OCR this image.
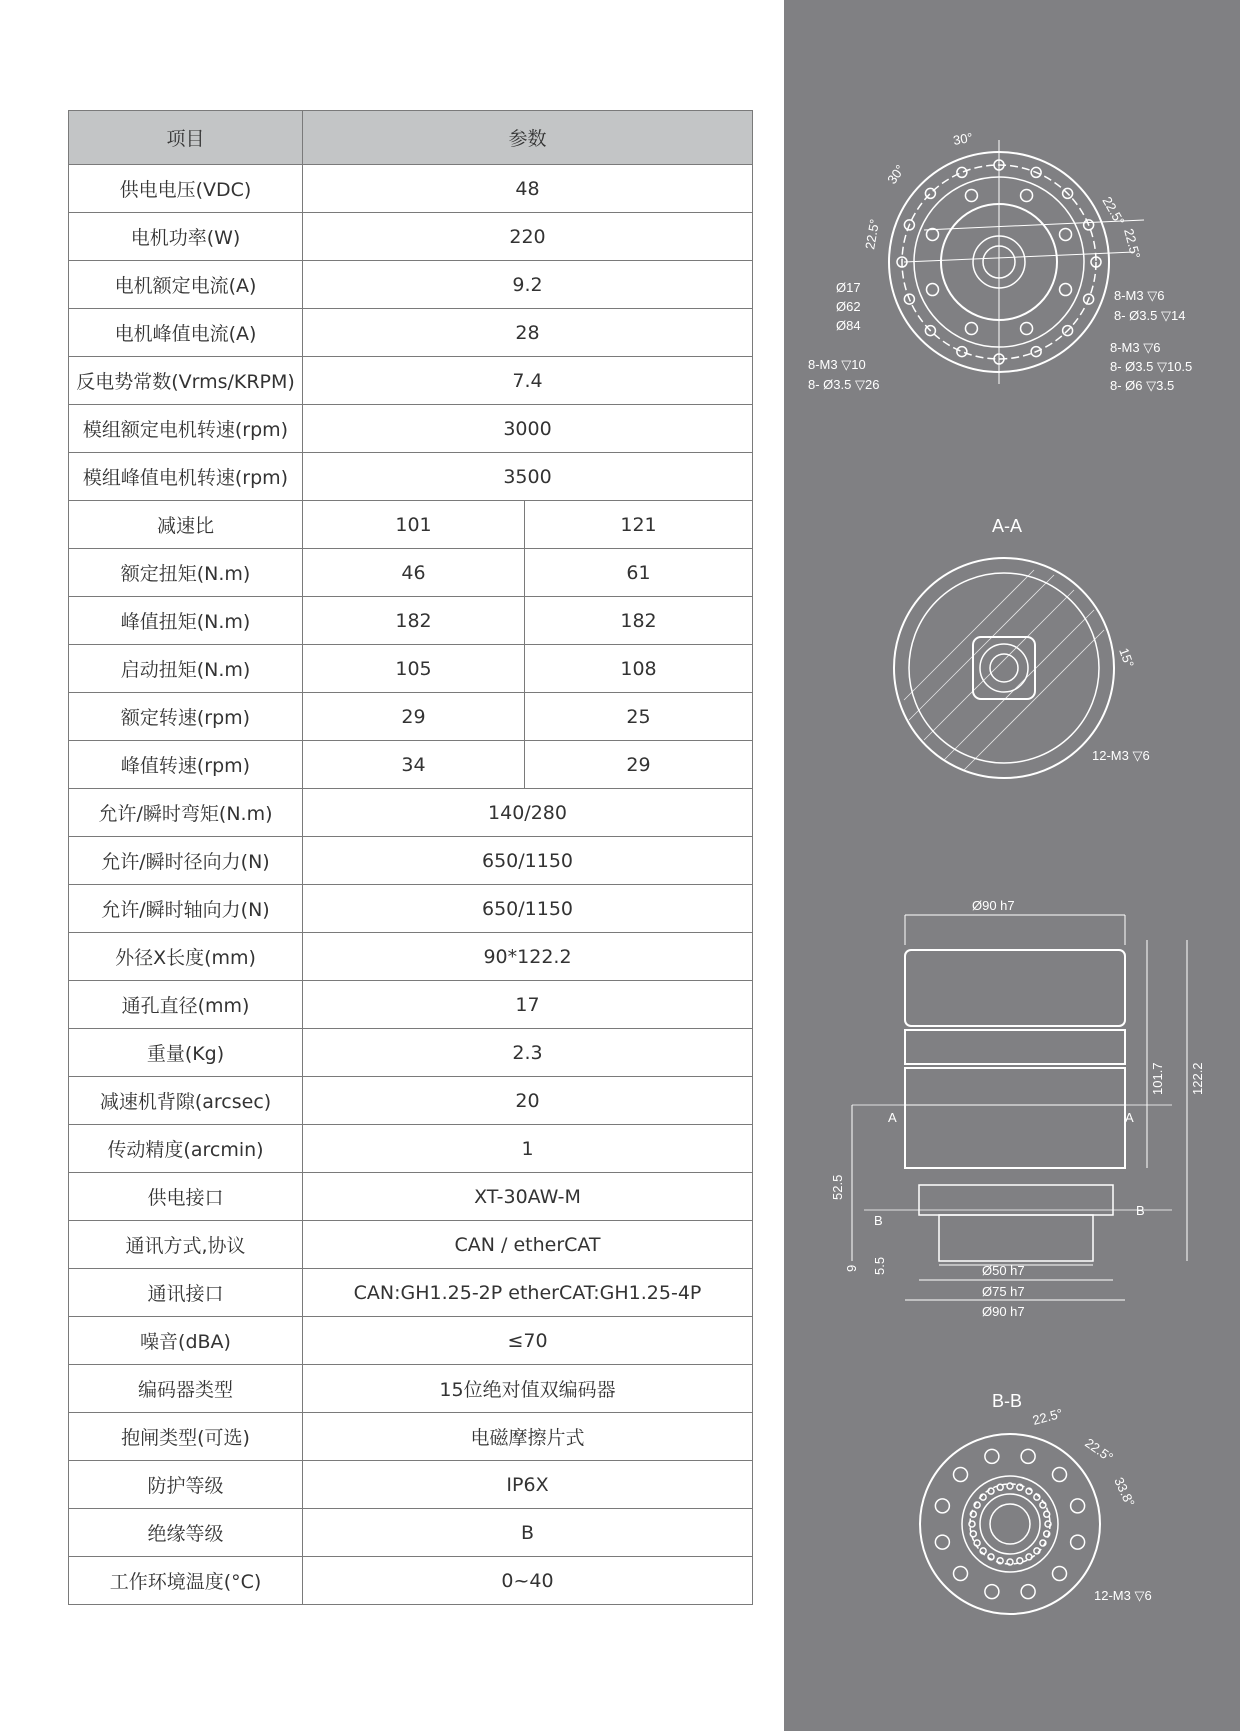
项目	参数	
供电电压(VDC)	48	
电机功率(W)	220	
电机额定电流(A)	9.2	
电机峰值电流(A)	28	
反电势常数(Vrms/KRPM)	7.4	
模组额定电机转速(rpm)	3000	
模组峰值电机转速(rpm)	3500	
减速比	101	121
额定扭矩(N.m)	46	61
峰值扭矩(N.m)	182	182
启动扭矩(N.m)	105	108
额定转速(rpm)	29	25
峰值转速(rpm)	34	29
允许/瞬时弯矩(N.m)	140/280	
允许/瞬时径向力(N)	650/1150	
允许/瞬时轴向力(N)	650/1150	
外径X长度(mm)	90*122.2	
通孔直径(mm)	17	
重量(Kg)	2.3	
减速机背隙(arcsec)	20	
传动精度(arcmin)	1	
供电接口	XT-30AW-M	
通讯方式,协议	CAN / etherCAT	
通讯接口	CAN:GH1.25-2P etherCAT:GH1.25-4P	
噪音(dBA)	≤70	
编码器类型	15位绝对值双编码器	
抱闸类型(可选)	电磁摩擦片式	
防护等级	IP6X	
绝缘等级	B	
工作环境温度(°C)	0~40	
30°
30°
22.5°
22.5°
22.5°
Ø17
Ø62
Ø84
8-M3 ▽6
8- Ø3.5 ▽14
8-M3 ▽6
8- Ø3.5 ▽10.5
8- Ø6 ▽3.5
8-M3 ▽10
8- Ø3.5 ▽26
A-A
15°
12-M3 ▽6
Ø90 h7
101.7 122.2
52.5
9 5.5	Ø50 h7
Ø75 h7
Ø90 h7
A	A
B
B
B-B
22.5°
22.5°
33.8°
12-M3 ▽6
